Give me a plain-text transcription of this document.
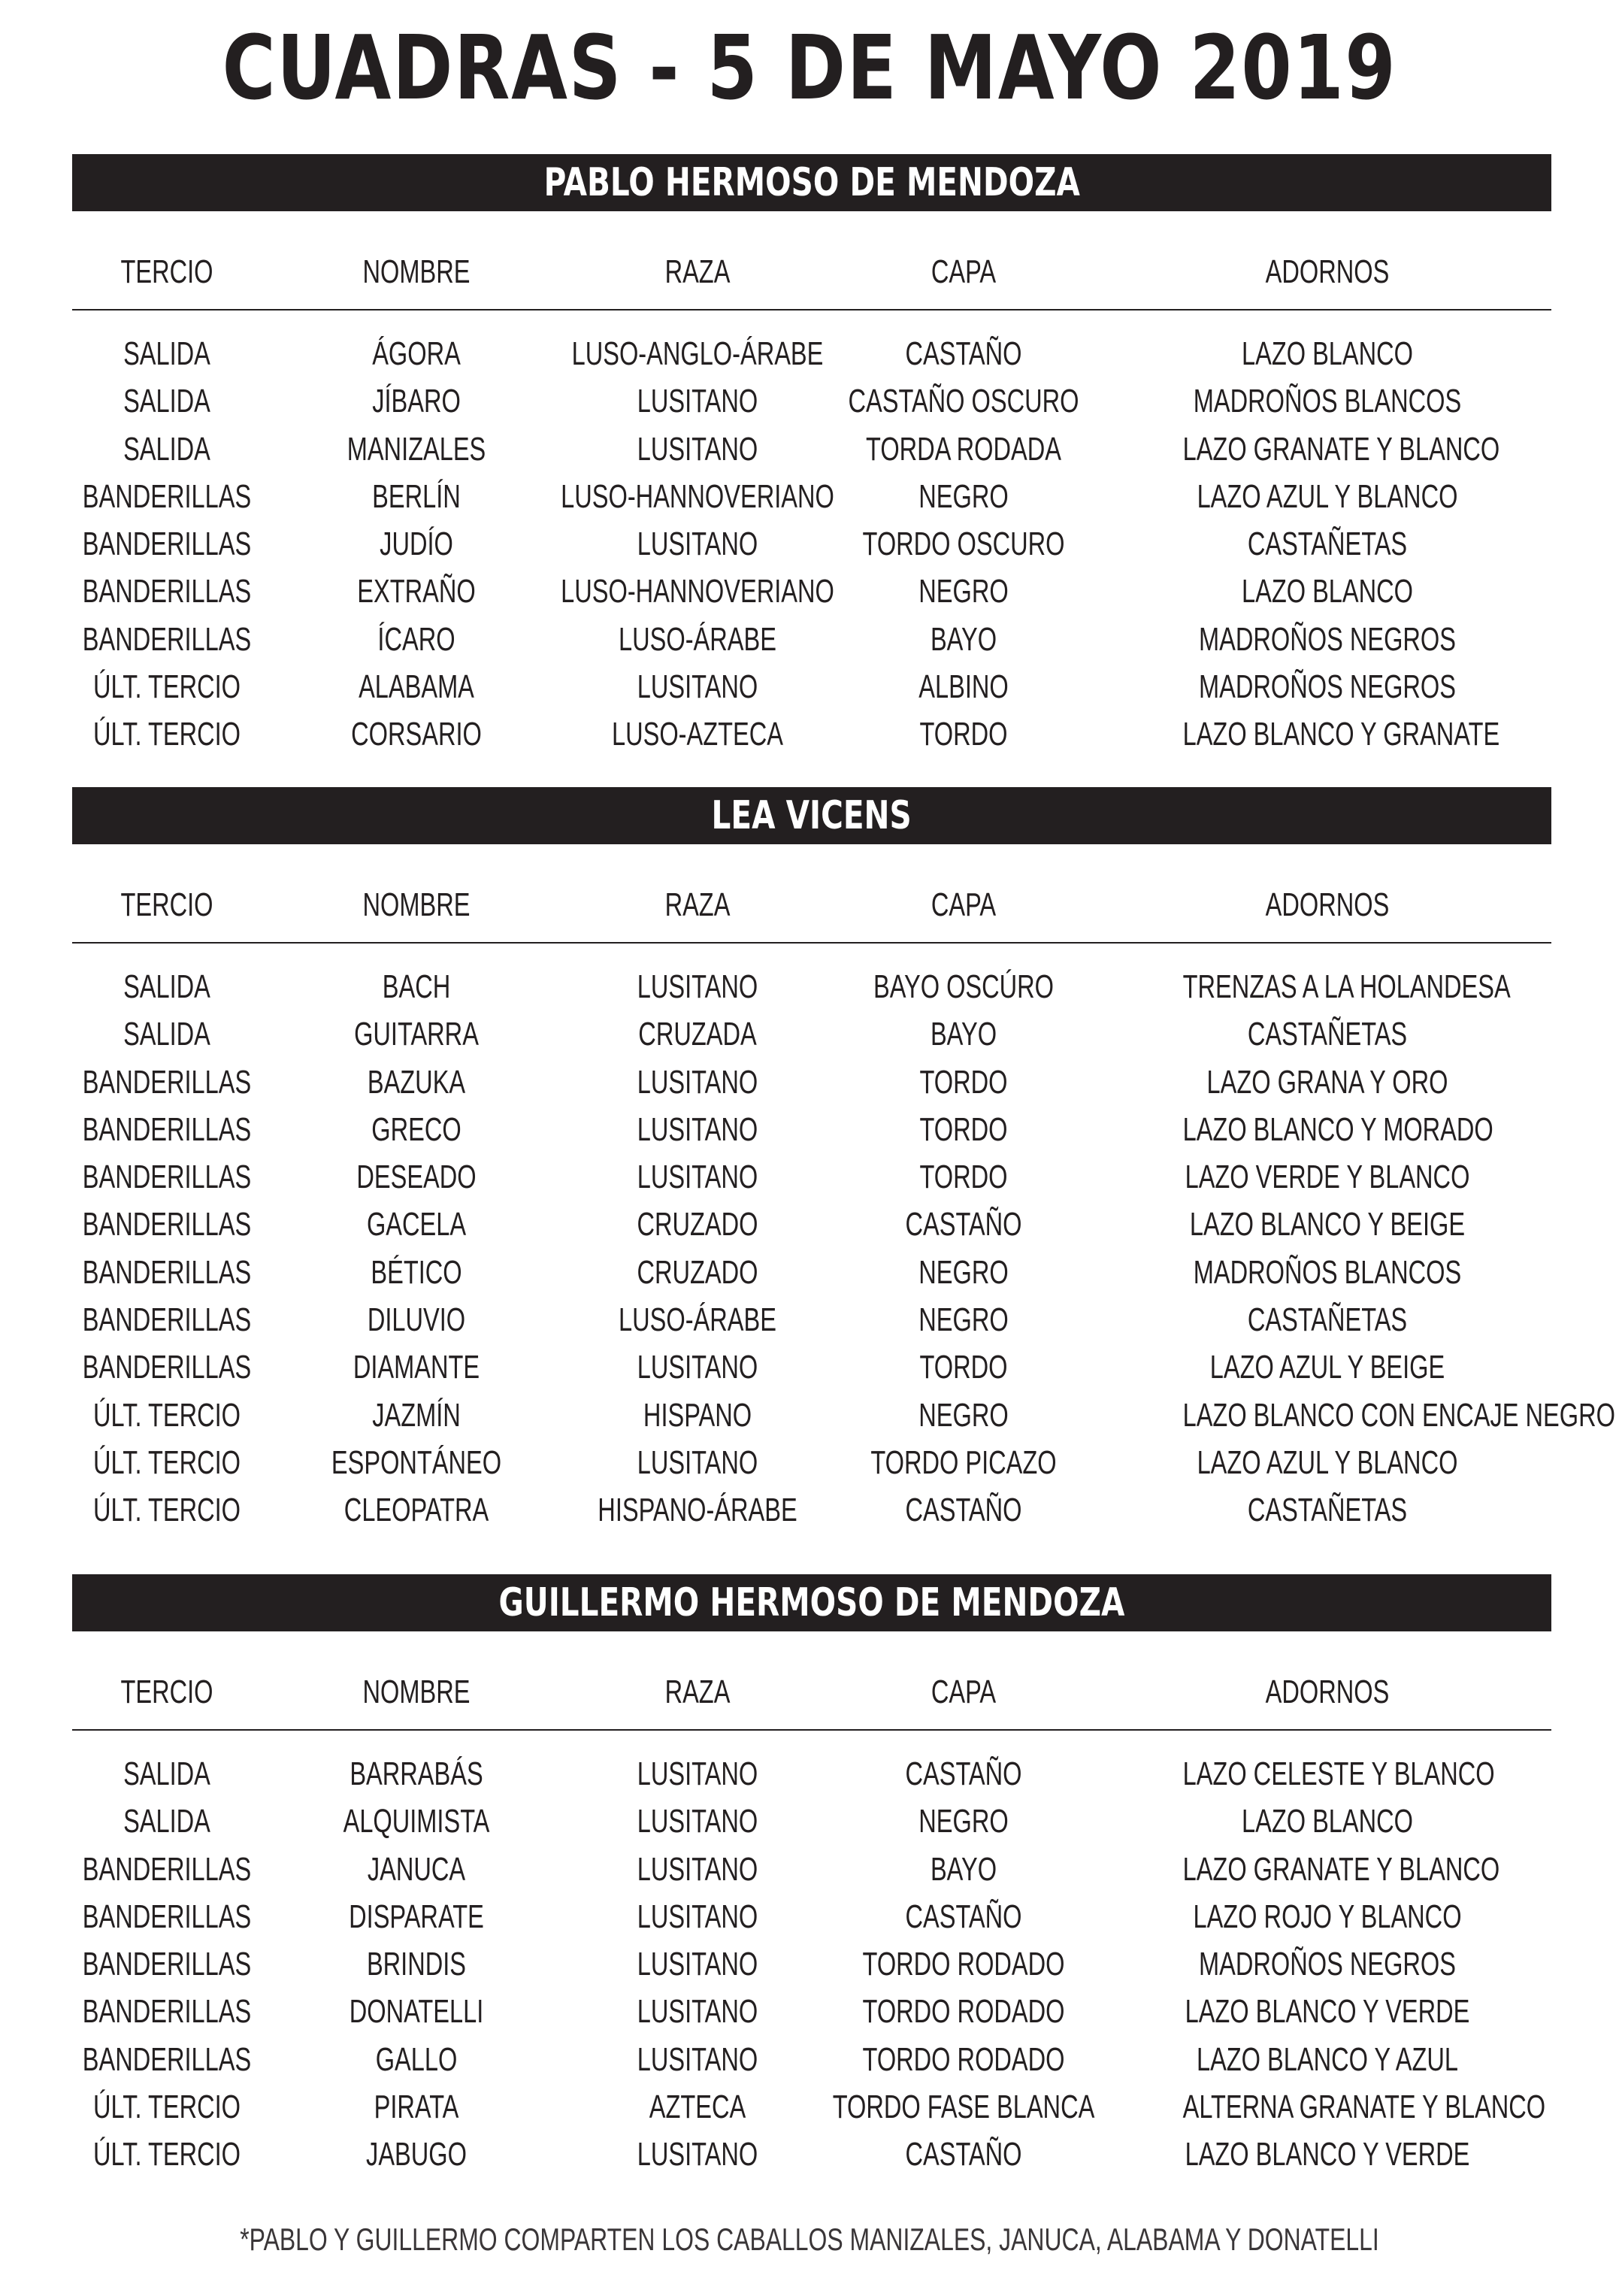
CUADRAS - 5 DE MAYO 2019
PABLO HERMOSO DE MENDOZA
TERCIO	NOMBRE	RAZA	CAPA	ADORNOS
SALIDA	ÁGORA	LUSO-ANGLO-ÁRABE	CASTAÑO	LAZO BLANCO
SALIDA	JÍBARO	LUSITANO	CASTAÑO OSCURO	MADROÑOS BLANCOS
SALIDA	MANIZALES	LUSITANO	TORDA RODADA	LAZO GRANATE Y BLANCO
BANDERILLAS	BERLÍN	LUSO-HANNOVERIANO	NEGRO	LAZO AZUL Y BLANCO
BANDERILLAS	JUDÍO	LUSITANO	TORDO OSCURO	CASTAÑETAS
BANDERILLAS	EXTRAÑO	LUSO-HANNOVERIANO	NEGRO	LAZO BLANCO
BANDERILLAS	ÍCARO	LUSO-ÁRABE	BAYO	MADROÑOS NEGROS
ÚLT. TERCIO	ALABAMA	LUSITANO	ALBINO	MADROÑOS NEGROS
ÚLT. TERCIO	CORSARIO	LUSO-AZTECA	TORDO	LAZO BLANCO Y GRANATE
LEA VICENS
TERCIO	NOMBRE	RAZA	CAPA	ADORNOS
SALIDA	BACH	LUSITANO	BAYO OSCÚRO	TRENZAS A LA HOLANDESA
SALIDA	GUITARRA	CRUZADA	BAYO	CASTAÑETAS
BANDERILLAS	BAZUKA	LUSITANO	TORDO	LAZO GRANA Y ORO
BANDERILLAS	GRECO	LUSITANO	TORDO	LAZO BLANCO Y MORADO
BANDERILLAS	DESEADO	LUSITANO	TORDO	LAZO VERDE Y BLANCO
BANDERILLAS	GACELA	CRUZADO	CASTAÑO	LAZO BLANCO Y BEIGE
BANDERILLAS	BÉTICO	CRUZADO	NEGRO	MADROÑOS BLANCOS
BANDERILLAS	DILUVIO	LUSO-ÁRABE	NEGRO	CASTAÑETAS
BANDERILLAS	DIAMANTE	LUSITANO	TORDO	LAZO AZUL Y BEIGE
ÚLT. TERCIO	JAZMÍN	HISPANO	NEGRO	LAZO BLANCO CON ENCAJE NEGRO
ÚLT. TERCIO	ESPONTÁNEO	LUSITANO	TORDO PICAZO	LAZO AZUL Y BLANCO
ÚLT. TERCIO	CLEOPATRA	HISPANO-ÁRABE	CASTAÑO	CASTAÑETAS
GUILLERMO HERMOSO DE MENDOZA
TERCIO	NOMBRE	RAZA	CAPA	ADORNOS
SALIDA	BARRABÁS	LUSITANO	CASTAÑO	LAZO CELESTE Y BLANCO
SALIDA	ALQUIMISTA	LUSITANO	NEGRO	LAZO BLANCO
BANDERILLAS	JANUCA	LUSITANO	BAYO	LAZO GRANATE Y BLANCO
BANDERILLAS	DISPARATE	LUSITANO	CASTAÑO	LAZO ROJO Y BLANCO
BANDERILLAS	BRINDIS	LUSITANO	TORDO RODADO	MADROÑOS NEGROS
BANDERILLAS	DONATELLI	LUSITANO	TORDO RODADO	LAZO BLANCO Y VERDE
BANDERILLAS	GALLO	LUSITANO	TORDO RODADO	LAZO BLANCO Y AZUL
ÚLT. TERCIO	PIRATA	AZTECA	TORDO FASE BLANCA	ALTERNA GRANATE Y BLANCO
ÚLT. TERCIO	JABUGO	LUSITANO	CASTAÑO	LAZO BLANCO Y VERDE
*PABLO Y GUILLERMO COMPARTEN LOS CABALLOS MANIZALES, JANUCA, ALABAMA Y DONATELLI
